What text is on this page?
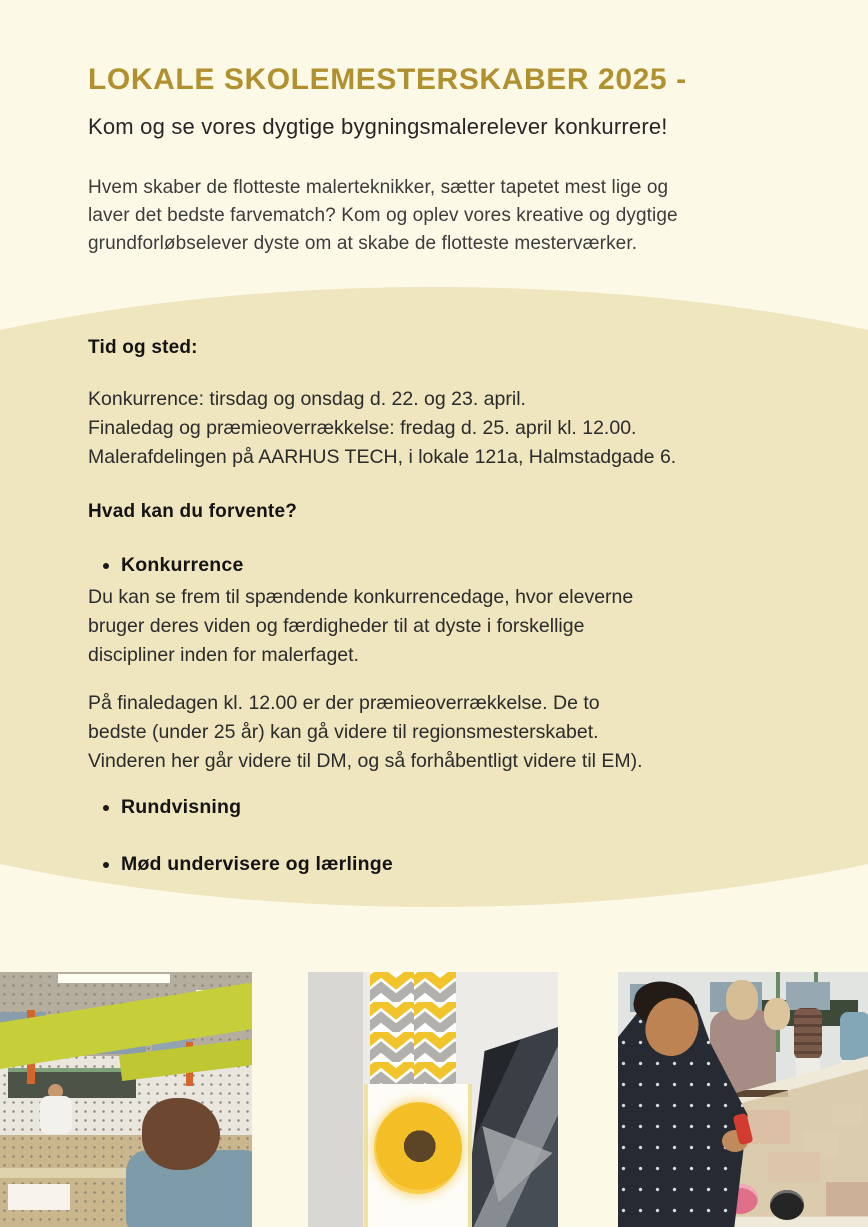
LOKALE SKOLEMESTERSKABER 2025 -
Kom og se vores dygtige bygningsmalerelever konkurrere!
Hvem skaber de flotteste malerteknikker, sætter tapetet mest lige og
laver det bedste farvematch? Kom og oplev vores kreative og dygtige
grundforløbselever dyste om at skabe de flotteste mesterværker.
Tid og sted:
Konkurrence: tirsdag og onsdag d. 22. og 23. april.
Finaledag og præmieoverrækkelse: fredag d. 25. april kl. 12.00.
Malerafdelingen på AARHUS TECH, i lokale 121a, Halmstadgade 6.
Hvad kan du forvente?
Konkurrence
Du kan se frem til spændende konkurrencedage, hvor eleverne
bruger deres viden og færdigheder til at dyste i forskellige
discipliner inden for malerfaget.
På finaledagen kl. 12.00 er der præmieoverrækkelse. De to
bedste (under 25 år) kan gå videre til regionsmesterskabet.
Vinderen her går videre til DM, og så forhåbentligt videre til EM).
Rundvisning
Mød undervisere og lærlinge
